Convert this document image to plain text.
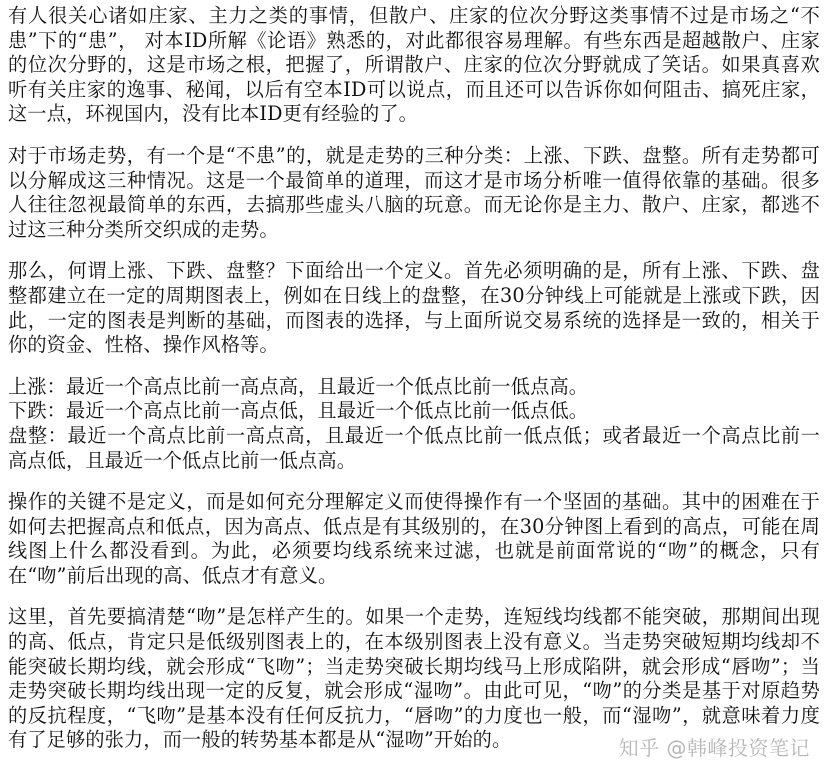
有人很关心诸如庄家、主力之类的事情，但散户、庄家的位次分野这类事情不过是市场之“不患”下的“患”， 对本ID所解《论语》熟悉的，对此都很容易理解。有些东西是超越散户、庄家的位次分野的，这是市场之根，把握了，所谓散户、庄家的位次分野就成了笑话。如果真喜欢听有关庄家的逸事、秘闻，以后有空本ID可以说点，而且还可以告诉你如何阻击、搞死庄家，这一点，环视国内，没有比本ID更有经验的了。

对于市场走势，有一个是“不患”的，就是走势的三种分类：上涨、下跌、盘整。所有走势都可以分解成这三种情况。这是一个最简单的道理，而这才是市场分析唯一值得依靠的基础。很多人往往忽视最简单的东西，去搞那些虚头八脑的玩意。而无论你是主力、散户、庄家，都逃不过这三种分类所交织成的走势。

那么，何谓上涨、下跌、盘整？下面给出一个定义。首先必须明确的是，所有上涨、下跌、盘整都建立在一定的周期图表上，例如在日线上的盘整，在30分钟线上可能就是上涨或下跌，因此，一定的图表是判断的基础，而图表的选择，与上面所说交易系统的选择是一致的，相关于你的资金、性格、操作风格等。

上涨：最近一个高点比前一高点高，且最近一个低点比前一低点高。

下跌：最近一个高点比前一高点低，且最近一个低点比前一低点低。

盘整：最近一个高点比前一高点高，且最近一个低点比前一低点低；或者最近一个高点比前一高点低，且最近一个低点比前一低点高。

操作的关键不是定义，而是如何充分理解定义而使得操作有一个坚固的基础。其中的困难在于如何去把握高点和低点，因为高点、低点是有其级别的，在30分钟图上看到的高点，可能在周线图上什么都没看到。为此，必须要均线系统来过滤，也就是前面常说的“吻”的概念，只有在“吻”前后出现的高、低点才有意义。

这里，首先要搞清楚“吻”是怎样产生的。如果一个走势，连短线均线都不能突破，那期间出现的高、低点，肯定只是低级别图表上的，在本级别图表上没有意义。当走势突破短期均线却不能突破长期均线，就会形成“飞吻”；当走势突破长期均线马上形成陷阱，就会形成“唇吻”；当走势突破长期均线出现一定的反复，就会形成“湿吻”。由此可见，“吻”的分类是基于对原趋势的反抗程度，“飞吻”是基本没有任何反抗力，“唇吻”的力度也一般，而“湿吻”，就意味着力度有了足够的张力，而一般的转势基本都是从“湿吻”开始的。	知乎 @韩峰投资笔记
